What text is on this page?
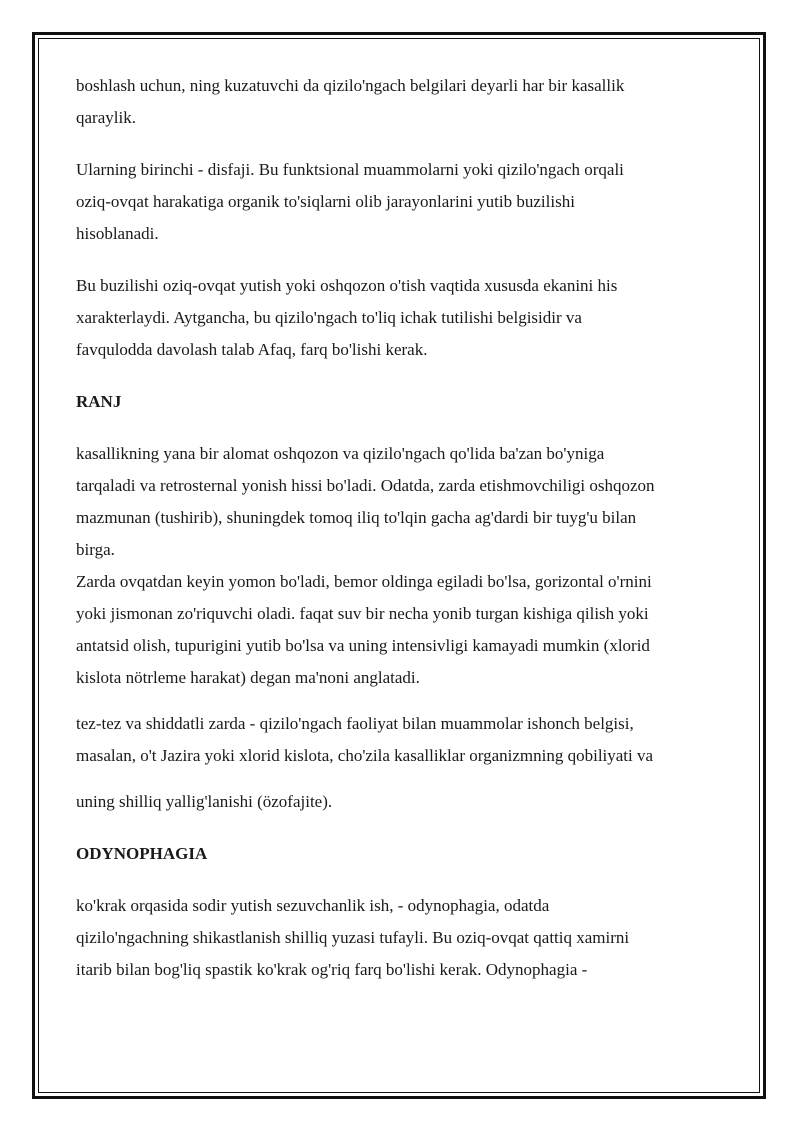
boshlash uchun, ning kuzatuvchi da qizilo'ngach belgilari deyarli har bir kasallik
qaraylik.

Ularning birinchi - disfaji. Bu funktsional muammolarni yoki qizilo'ngach orqali
oziq-ovqat harakatiga organik to'siqlarni olib jarayonlarini yutib buzilishi
hisoblanadi.

Bu buzilishi oziq-ovqat yutish yoki oshqozon o'tish vaqtida xususda ekanini his
xarakterlaydi. Aytgancha, bu qizilo'ngach to'liq ichak tutilishi belgisidir va
favqulodda davolash talab Afaq, farq bo'lishi kerak.

RANJ

kasallikning yana bir alomat oshqozon va qizilo'ngach qo'lida ba'zan bo'yniga
tarqaladi va retrosternal yonish hissi bo'ladi. Odatda, zarda etishmovchiligi oshqozon
mazmunan (tushirib), shuningdek tomoq iliq to'lqin gacha ag'dardi bir tuyg'u bilan
birga.

Zarda ovqatdan keyin yomon bo'ladi, bemor oldinga egiladi bo'lsa, gorizontal o'rnini
yoki jismonan zo'riquvchi oladi. faqat suv bir necha yonib turgan kishiga qilish yoki
antatsid olish, tupurigini yutib bo'lsa va uning intensivligi kamayadi mumkin (xlorid
kislota nötrleme harakat) degan ma'noni anglatadi.

tez-tez va shiddatli zarda - qizilo'ngach faoliyat bilan muammolar ishonch belgisi,
masalan, o't Jazira yoki xlorid kislota, cho'zila kasalliklar organizmning qobiliyati va
uning shilliq yallig'lanishi (özofajite).

ODYNOPHAGIA

ko'krak orqasida sodir yutish sezuvchanlik ish, - odynophagia, odatda
qizilo'ngachning shikastlanish shilliq yuzasi tufayli. Bu oziq-ovqat qattiq xamirni
itarib bilan bog'liq spastik ko'krak og'riq farq bo'lishi kerak. Odynophagia -
